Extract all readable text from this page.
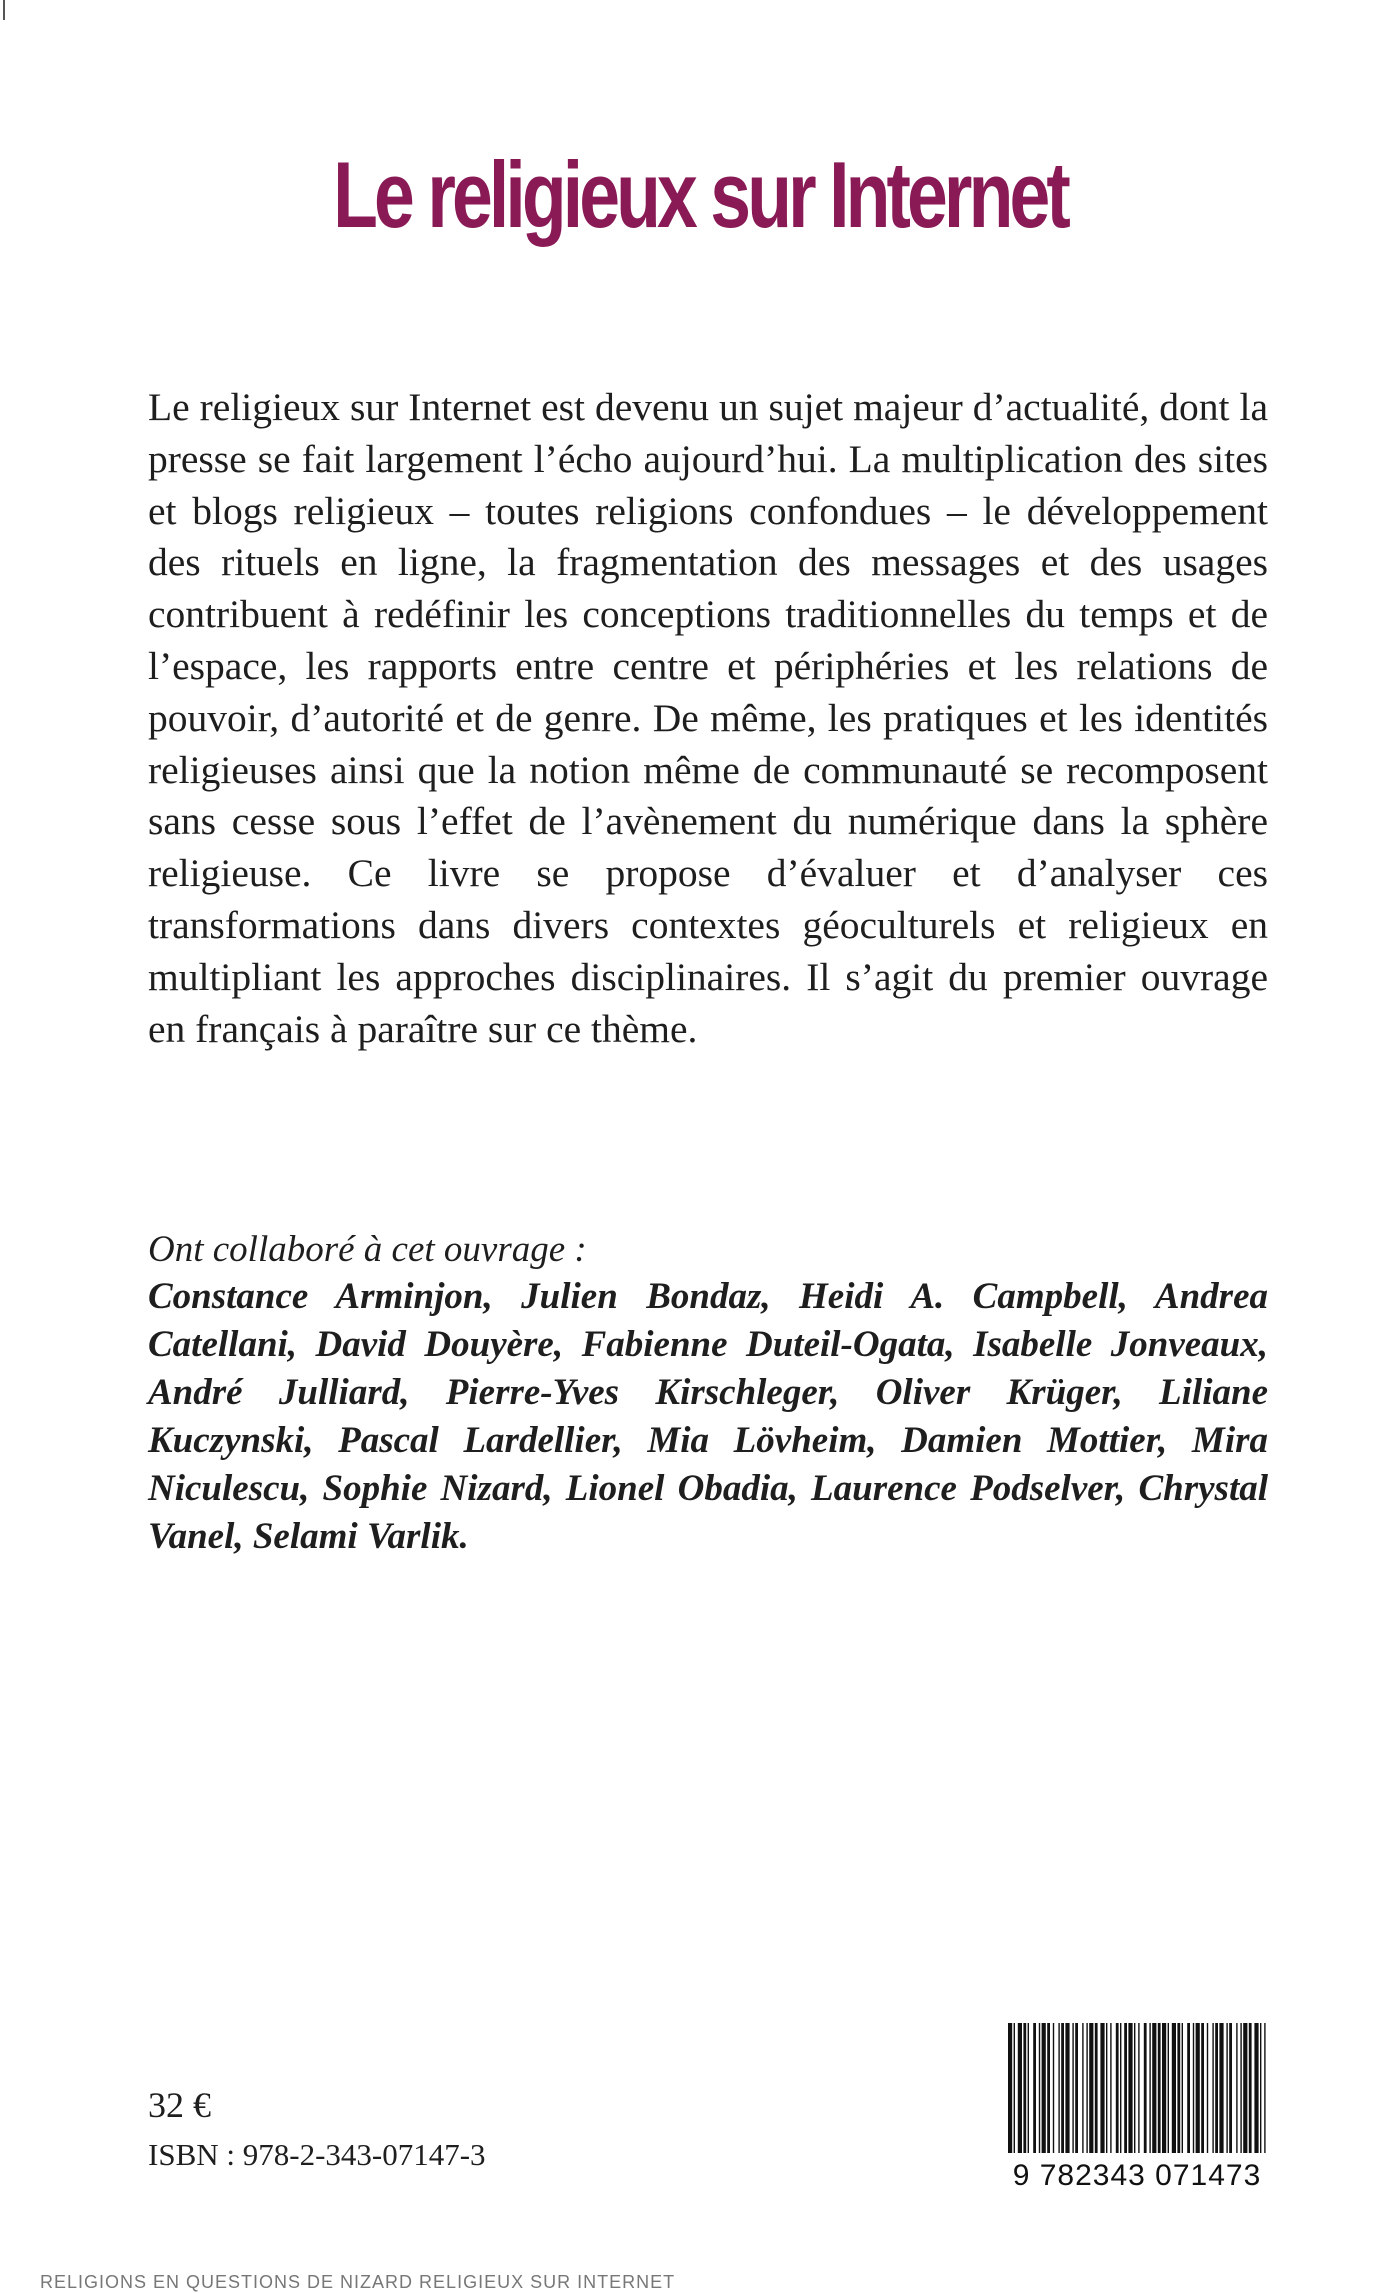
Le religieux sur Internet

Le religieux sur Internet est devenu un sujet majeur d’actualité, dont la presse se fait largement l’écho aujourd’hui. La multiplication des sites et blogs religieux – toutes religions confondues – le développement des rituels en ligne, la fragmentation des messages et des usages contribuent à redéfinir les conceptions traditionnelles du temps et de l’espace, les rapports entre centre et périphéries et les relations de pouvoir, d’autorité et de genre. De même, les pratiques et les identités religieuses ainsi que la notion même de communauté se recomposent sans cesse sous l’effet de l’avènement du numérique dans la sphère religieuse. Ce livre se propose d’évaluer et d’analyser ces transformations dans divers contextes géoculturels et religieux en multipliant les approches disciplinaires. Il s’agit du premier ouvrage en français à paraître sur ce thème.

Ont collaboré à cet ouvrage :

Constance Arminjon, Julien Bondaz, Heidi A. Campbell, Andrea Catellani, David Douyère, Fabienne Duteil-Ogata, Isabelle Jonveaux, André Julliard, Pierre-Yves Kirschleger, Oliver Krüger, Liliane Kuczynski, Pascal Lardellier, Mia Lövheim, Damien Mottier, Mira Niculescu, Sophie Nizard, Lionel Obadia, Laurence Podselver, Chrystal Vanel, Selami Varlik.

32 €
ISBN : 978-2-343-07147-3
9 782343 071473
RELIGIONS EN QUESTIONS DE NIZARD RELIGIEUX SUR INTERNET
